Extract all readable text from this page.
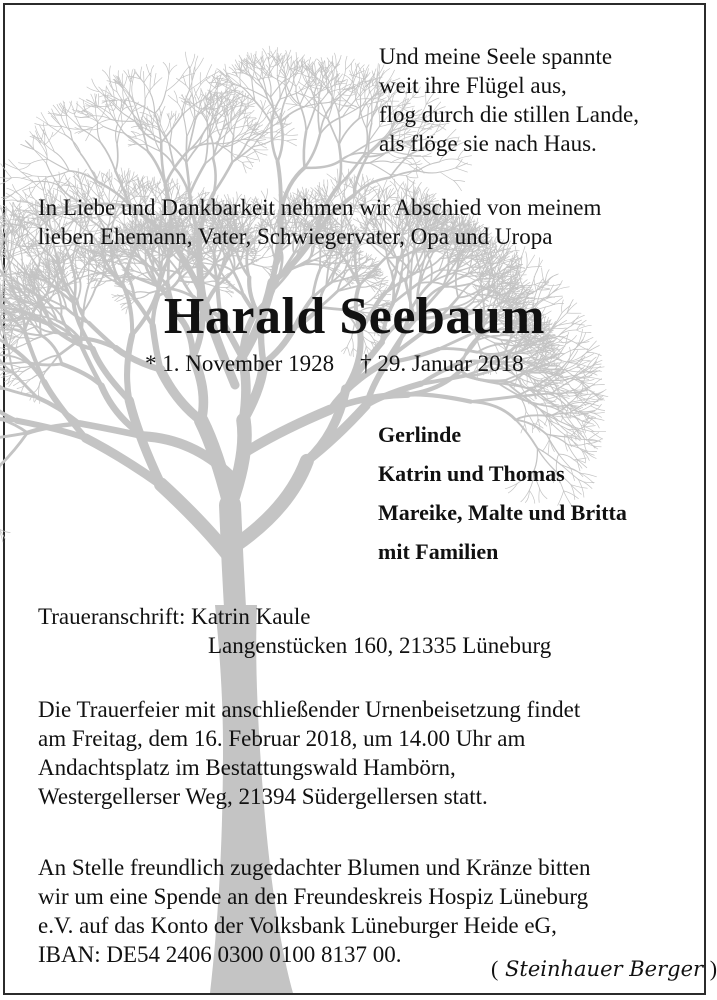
Und meine Seele spannte
weit ihre Flügel aus,
flog durch die stillen Lande,
als flöge sie nach Haus.
In Liebe und Dankbarkeit nehmen wir Abschied von meinem
lieben Ehemann, Vater, Schwiegervater, Opa und Uropa
Harald Seebaum
* 1. November 1928 † 29. Januar 2018
Gerlinde
Katrin und Thomas
Mareike, Malte und Britta
mit Familien
Traueranschrift: Katrin Kaule
Langenstücken 160, 21335 Lüneburg
Die Trauerfeier mit anschließender Urnenbeisetzung findet
am Freitag, dem 16. Februar 2018, um 14.00 Uhr am
Andachtsplatz im Bestattungswald Hambörn,
Westergellerser Weg, 21394 Südergellersen statt.
An Stelle freundlich zugedachter Blumen und Kränze bitten
wir um eine Spende an den Freundeskreis Hospiz Lüneburg
e.V. auf das Konto der Volksbank Lüneburger Heide eG,
IBAN: DE54 2406 0300 0100 8137 00.
( Steinhauer Berger )
